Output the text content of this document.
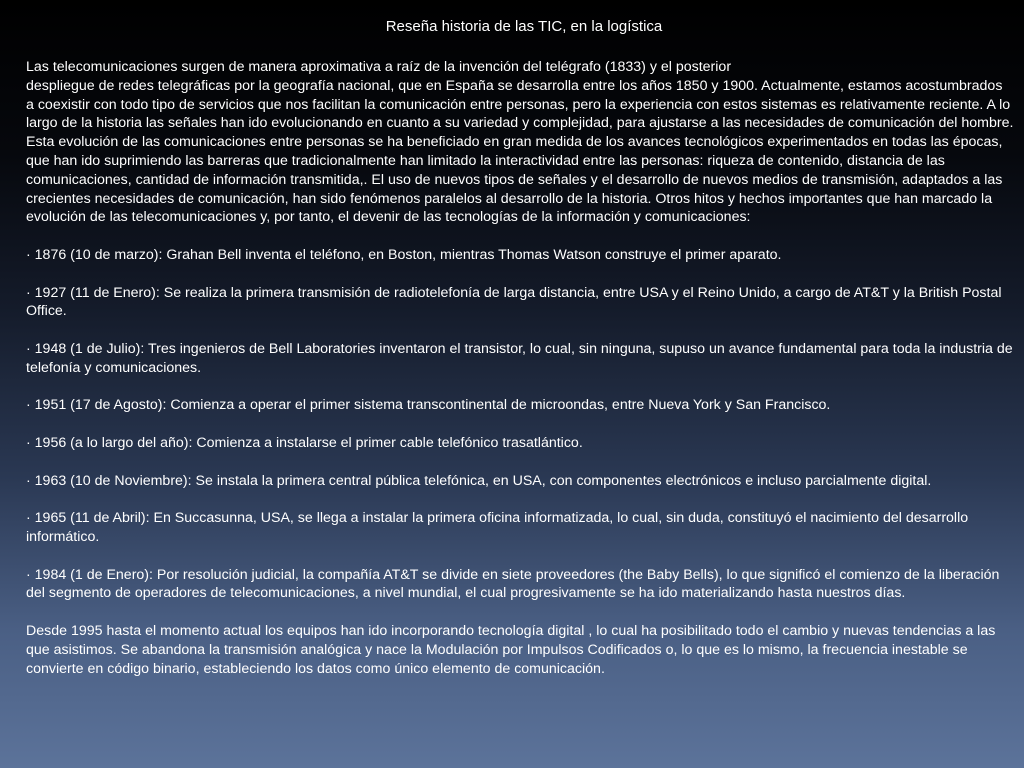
Reseña historia de las TIC, en la logística
Las telecomunicaciones surgen de manera aproximativa a raíz de la invención del telégrafo (1833) y el posterior
despliegue de redes telegráficas por la geografía nacional, que en España se desarrolla entre los años 1850 y 1900. Actualmente, estamos acostumbrados a coexistir con todo tipo de servicios que nos facilitan la comunicación entre personas, pero la experiencia con estos sistemas es relativamente reciente. A lo largo de la historia las señales han ido evolucionando en cuanto a su variedad y complejidad, para ajustarse a las necesidades de comunicación del hombre. Esta evolución de las comunicaciones entre personas se ha beneficiado en gran medida de los avances tecnológicos experimentados en todas las épocas, que han ido suprimiendo las barreras que tradicionalmente han limitado la interactividad entre las personas: riqueza de contenido, distancia de las comunicaciones, cantidad de información transmitida,. El uso de nuevos tipos de señales y el desarrollo de nuevos medios de transmisión, adaptados a las crecientes necesidades de comunicación, han sido fenómenos paralelos al desarrollo de la historia. Otros hitos y hechos importantes que han marcado la evolución de las telecomunicaciones y, por tanto, el devenir de las tecnologías de la información y comunicaciones:
· 1876 (10 de marzo): Grahan Bell inventa el teléfono, en Boston, mientras Thomas Watson construye el primer aparato.
· 1927 (11 de Enero): Se realiza la primera transmisión de radiotelefonía de larga distancia, entre USA y el Reino Unido, a cargo de AT&T y la British Postal Office.
· 1948 (1 de Julio): Tres ingenieros de Bell Laboratories inventaron el transistor, lo cual, sin ninguna, supuso un avance fundamental para toda la industria de telefonía y comunicaciones.
· 1951 (17 de Agosto): Comienza a operar el primer sistema transcontinental de microondas, entre Nueva York y San Francisco.
· 1956 (a lo largo del año): Comienza a instalarse el primer cable telefónico trasatlántico.
· 1963 (10 de Noviembre): Se instala la primera central pública telefónica, en USA, con componentes electrónicos e incluso parcialmente digital.
· 1965 (11 de Abril): En Succasunna, USA, se llega a instalar la primera oficina informatizada, lo cual, sin duda, constituyó el nacimiento del desarrollo informático.
· 1984 (1 de Enero): Por resolución judicial, la compañía AT&T se divide en siete proveedores (the Baby Bells), lo que significó el comienzo de la liberación del segmento de operadores de telecomunicaciones, a nivel mundial, el cual progresivamente se ha ido materializando hasta nuestros días.
Desde 1995 hasta el momento actual los equipos han ido incorporando tecnología digital , lo cual ha posibilitado todo el cambio y nuevas tendencias a las que asistimos. Se abandona la transmisión analógica y nace la Modulación por Impulsos Codificados o, lo que es lo mismo, la frecuencia inestable se convierte en código binario, estableciendo los datos como único elemento de comunicación.
